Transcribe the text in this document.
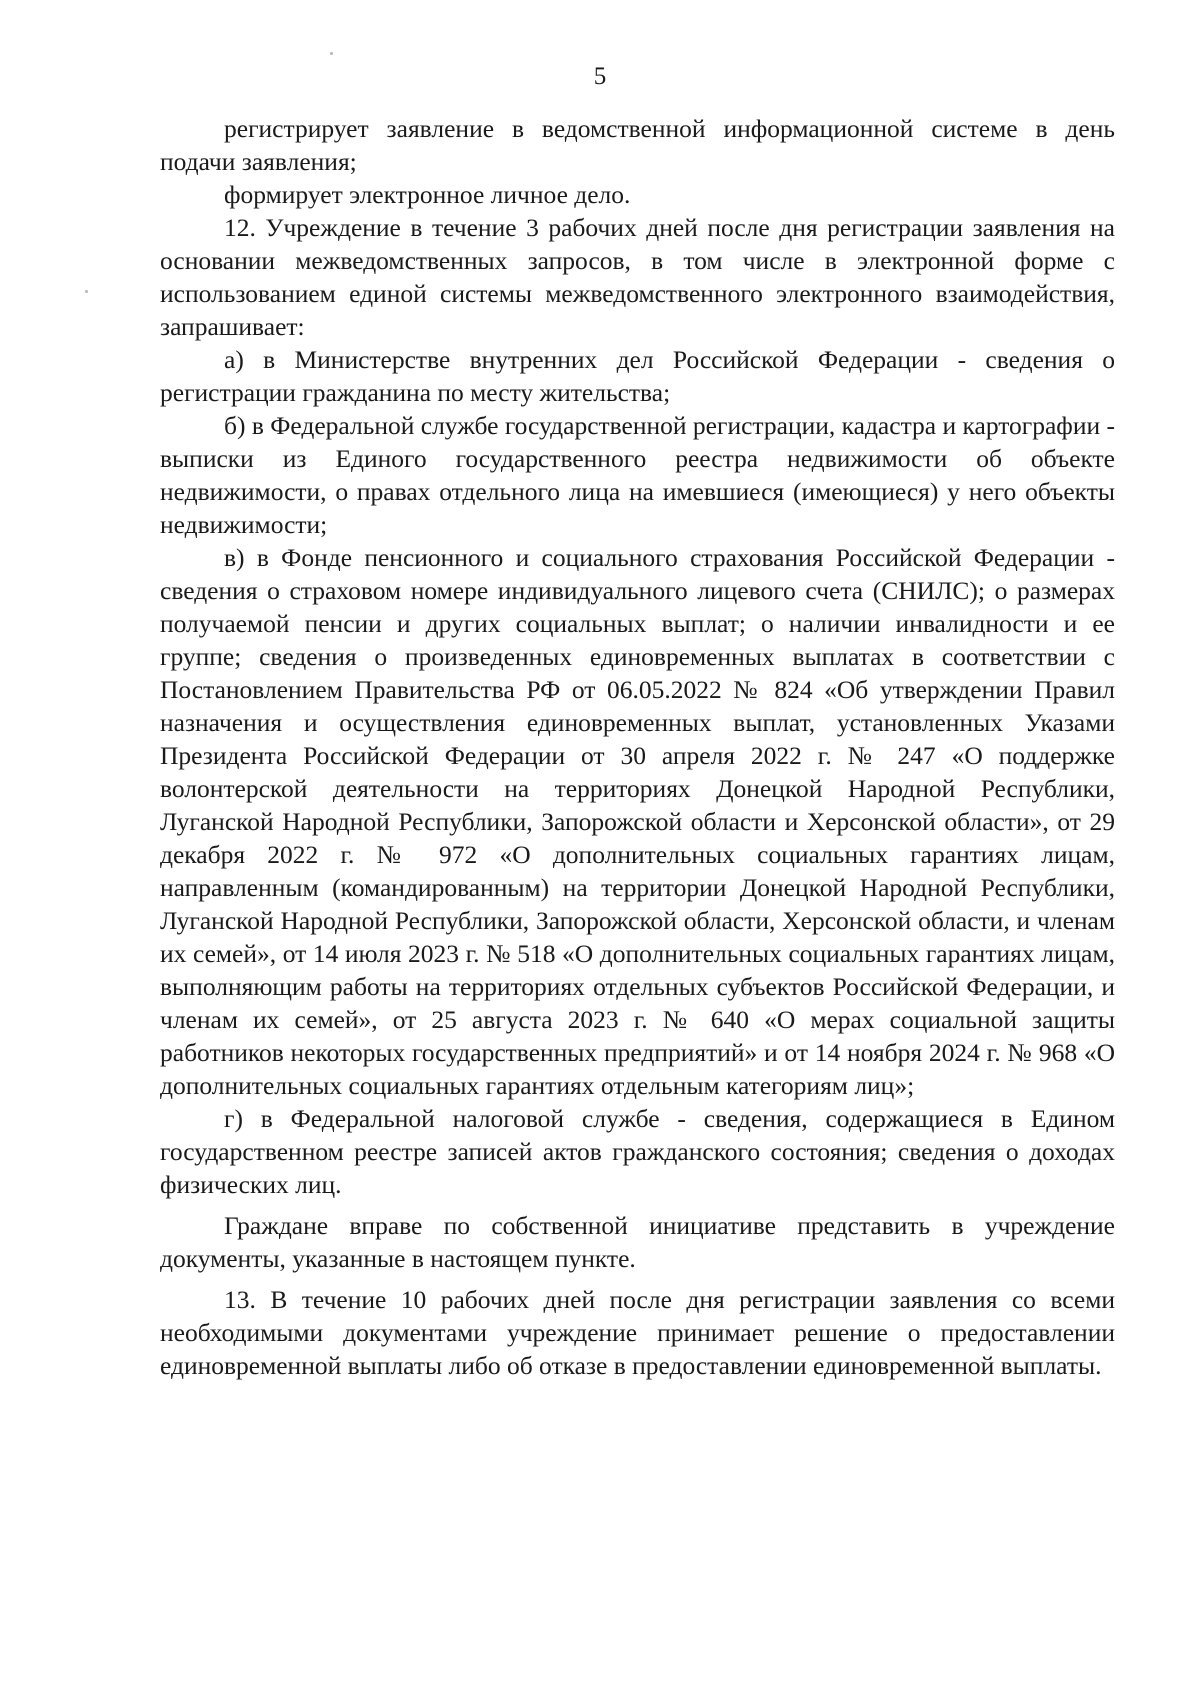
5

регистрирует заявление в ведомственной информационной системе в день подачи заявления;

формирует электронное личное дело.

12. Учреждение в течение 3 рабочих дней после дня регистрации заявления на основании межведомственных запросов, в том числе в электронной форме с использованием единой системы межведомственного электронного взаимодействия, запрашивает:

а) в Министерстве внутренних дел Российской Федерации - сведения о регистрации гражданина по месту жительства;

б) в Федеральной службе государственной регистрации, кадастра и картографии - выписки из Единого государственного реестра недвижимости об объекте недвижимости, о правах отдельного лица на имевшиеся (имеющиеся) у него объекты недвижимости;

в) в Фонде пенсионного и социального страхования Российской Федерации - сведения о страховом номере индивидуального лицевого счета (СНИЛС); о размерах получаемой пенсии и других социальных выплат; о наличии инвалидности и ее группе; сведения о произведенных единовременных выплатах в соответствии с Постановлением Правительства РФ от 06.05.2022 № 824 «Об утверждении Правил назначения и осуществления единовременных выплат, установленных Указами Президента Российской Федерации от 30 апреля 2022 г. № 247 «О поддержке волонтерской деятельности на территориях Донецкой Народной Республики, Луганской Народной Республики, Запорожской области и Херсонской области», от 29 декабря 2022 г. № 972 «О дополнительных социальных гарантиях лицам, направленным (командированным) на территории Донецкой Народной Республики, Луганской Народной Республики, Запорожской области, Херсонской области, и членам их семей», от 14 июля 2023 г. № 518 «О дополнительных социальных гарантиях лицам, выполняющим работы на территориях отдельных субъектов Российской Федерации, и членам их семей», от 25 августа 2023 г. № 640 «О мерах социальной защиты работников некоторых государственных предприятий» и от 14 ноября 2024 г. № 968 «О дополнительных социальных гарантиях отдельным категориям лиц»;

г) в Федеральной налоговой службе - сведения, содержащиеся в Едином государственном реестре записей актов гражданского состояния; сведения о доходах физических лиц.

Граждане вправе по собственной инициативе представить в учреждение документы, указанные в настоящем пункте.

13. В течение 10 рабочих дней после дня регистрации заявления со всеми необходимыми документами учреждение принимает решение о предоставлении единовременной выплаты либо об отказе в предоставлении единовременной выплаты.
